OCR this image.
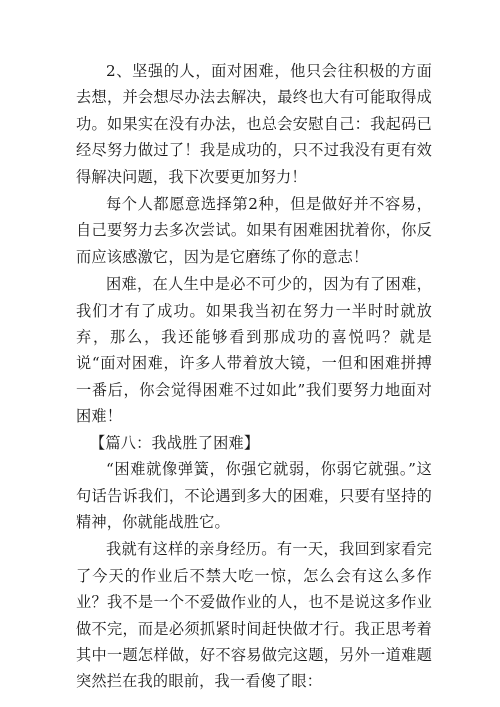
2、坚强的人，面对困难，他只会往积极的方面去想，并会想尽办法去解决，最终也大有可能取得成功。如果实在没有办法，也总会安慰自己：我起码已经尽努力做过了！我是成功的，只不过我没有更有效得解决问题，我下次要更加努力！

每个人都愿意选择第2种，但是做好并不容易，自己要努力去多次尝试。如果有困难困扰着你，你反而应该感激它，因为是它磨练了你的意志！

困难，在人生中是必不可少的，因为有了困难，我们才有了成功。如果我当初在努力一半时时就放弃，那么，我还能够看到那成功的喜悦吗？就是说“面对困难，许多人带着放大镜，一但和困难拼搏一番后，你会觉得困难不过如此”我们要努力地面对困难！

【篇八：我战胜了困难】

“困难就像弹簧，你强它就弱，你弱它就强。”这句话告诉我们，不论遇到多大的困难，只要有坚持的精神，你就能战胜它。

我就有这样的亲身经历。有一天，我回到家看完了今天的作业后不禁大吃一惊，怎么会有这么多作业？我不是一个不爱做作业的人，也不是说这多作业做不完，而是必须抓紧时间赶快做才行。我正思考着其中一题怎样做，好不容易做完这题，另外一道难题突然拦在我的眼前，我一看傻了眼：
